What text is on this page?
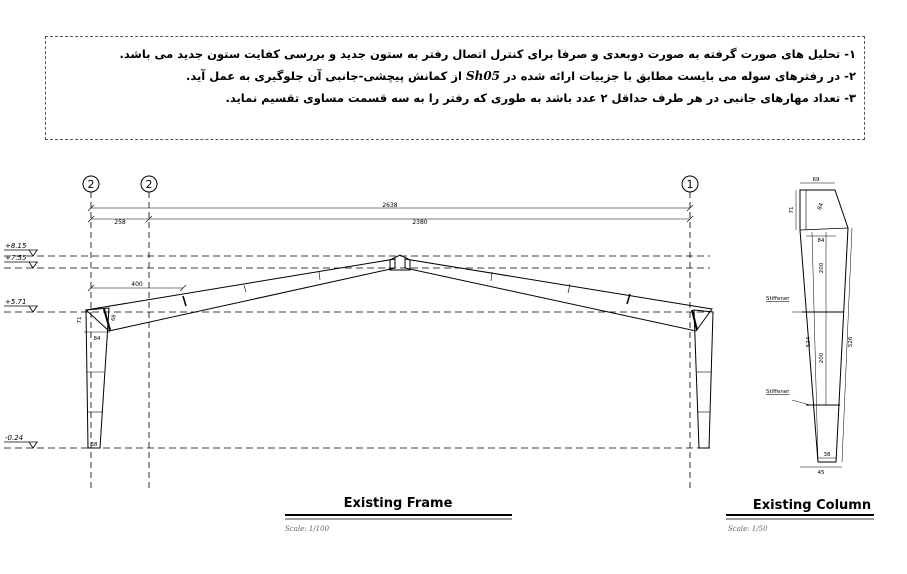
۱- تحلیل های صورت گرفته به صورت دوبعدی و صرفا برای کنترل اتصال رفتر به ستون جدید و بررسی کفایت ستون جدید می باشد.
۲- در رفترهای سوله می بایست مطابق با جزییات ارائه شده در Sh05 از کمانش پیچشی-جانبی آن جلوگیری به عمل آید.
۳- تعداد مهارهای جانبی در هر طرف حداقل ۲ عدد باشد به طوری که رفتر را به سه قسمت مساوی تقسیم نماید.
2	2	1
2638
258	2380
400
+8.15
+7.55
+5.71
-0.24
84
38
71	68
Existing Frame
Scale: 1/100
69
71	84
84
200
200
524	526
38
45
Stiffener
Stiffener
Existing Column
Scale: 1/50
